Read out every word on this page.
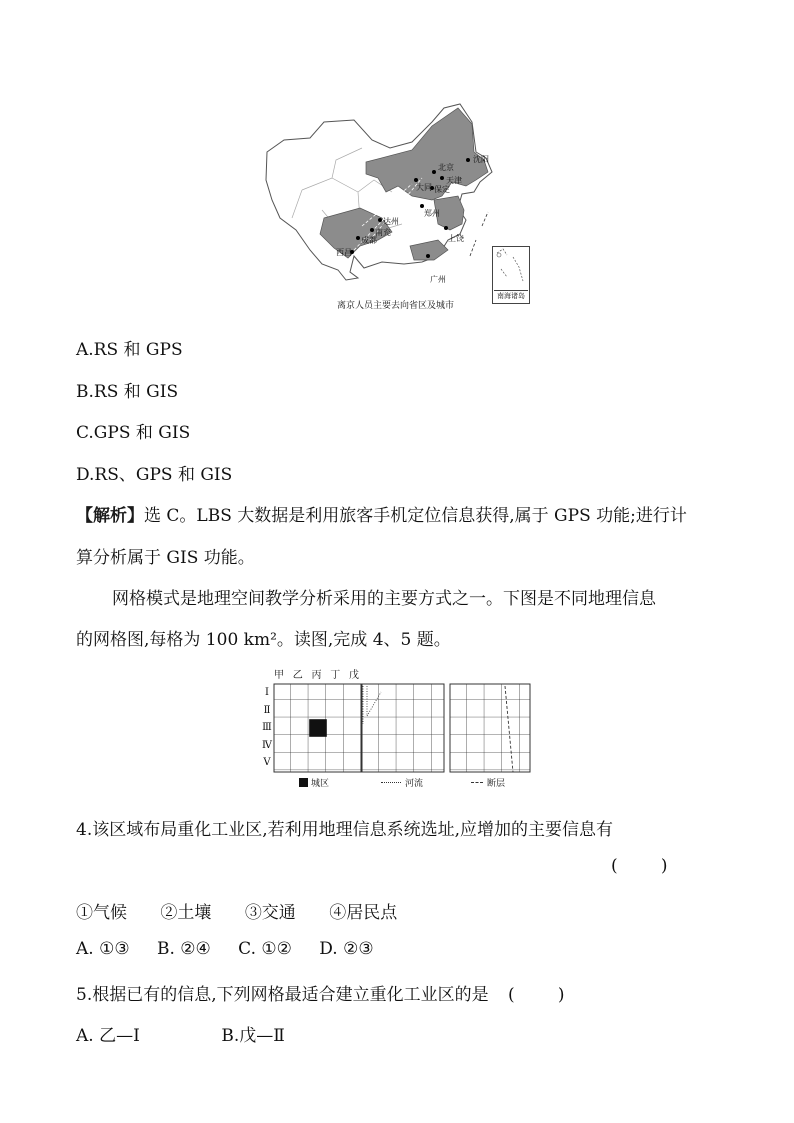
北京
天津
沈阳
大同 保定
郑州
达州
南充
成都
西昌
上饶
广州
南海诸岛
离京人员主要去向省区及城市
A.RS 和 GPS
B.RS 和 GIS
C.GPS 和 GIS
D.RS、GPS 和 GIS
【解析】选 C。LBS 大数据是利用旅客手机定位信息获得,属于 GPS 功能;进行计
算分析属于 GIS 功能。
网格模式是地理空间教学分析采用的主要方式之一。下图是不同地理信息
的网格图,每格为 100 km²。读图,完成 4、5 题。
甲 乙 丙 丁 戊
Ⅰ
Ⅱ
Ⅲ
Ⅳ
Ⅴ
城区	河流	断层
4.该区域布局重化工业区,若利用地理信息系统选址,应增加的主要信息有
(        )
①气候 ②土壤 ③交通 ④居民点
A. ①③ B. ②④ C. ①② D. ②③
5.根据已有的信息,下列网格最适合建立重化工业区的是 (        )
A. 乙—Ⅰ	B.戊—Ⅱ
